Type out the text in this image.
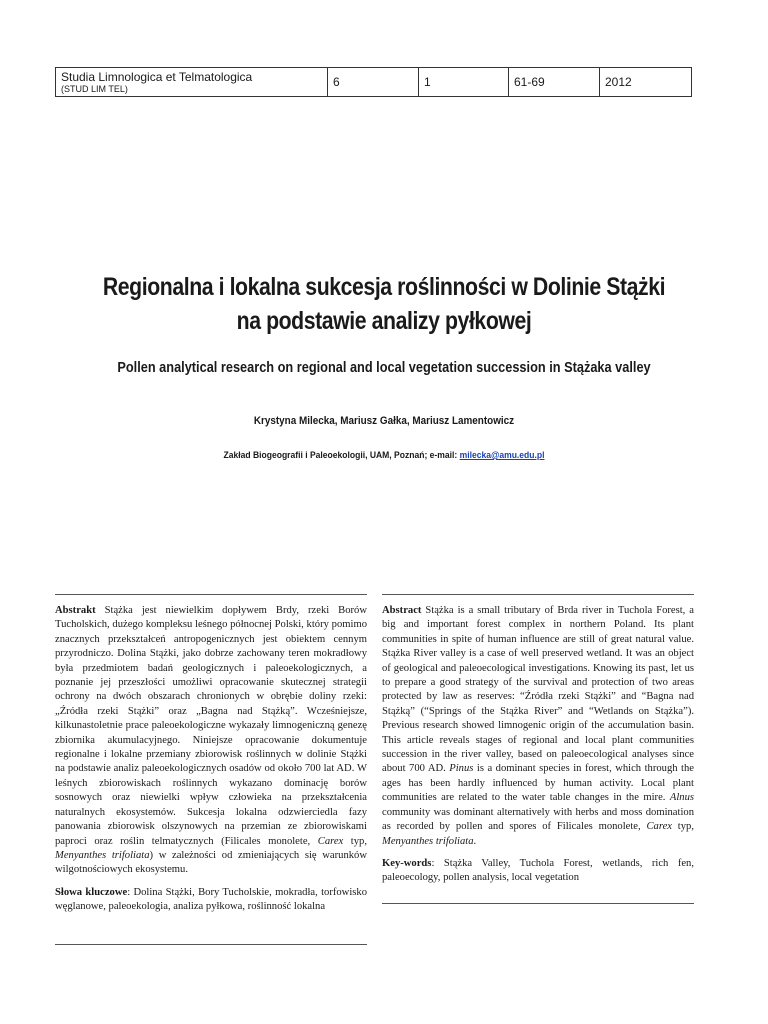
Studia Limnologica et Telmatologica
(STUD LIM TEL)	6	1	61-69	2012
Regionalna i lokalna sukcesja roślinności w Dolinie Stążki
na podstawie analizy pyłkowej
Pollen analytical research on regional and local vegetation succession in Stążaka valley
Krystyna Milecka, Mariusz Gałka, Mariusz Lamentowicz
Zakład Biogeografii i Paleoekologii, UAM, Poznań; e-mail: milecka@amu.edu.pl

Abstrakt Stążka jest niewielkim dopływem Brdy, rzeki Borów Tucholskich, dużego kompleksu leśnego północnej Polski, który pomimo znacznych przekształceń antropogenicznych jest obiektem cennym przyrodniczo. Dolina Stążki, jako dobrze zachowany teren mokradłowy była przedmiotem badań geologicznych i paleoekologicznych, a poznanie jej przeszłości umożliwi opracowanie skutecznej strategii ochrony na dwóch obszarach chronionych w obrębie doliny rzeki: „Źródła rzeki Stążki” oraz „Bagna nad Stążką”. Wcześniejsze, kilkunastoletnie prace paleoekologiczne wykazały limnogeniczną genezę zbiornika akumulacyjnego. Niniejsze opracowanie dokumentuje regionalne i lokalne przemiany zbiorowisk roślinnych w dolinie Stążki na podstawie analiz paleoekologicznych osadów od około 700 lat AD. W leśnych zbiorowiskach roślinnych wykazano dominację borów sosnowych oraz niewielki wpływ człowieka na przekształcenia naturalnych ekosystemów. Sukcesja lokalna odzwierciedla fazy panowania zbiorowisk olszynowych na przemian ze zbiorowiskami paproci oraz roślin telmatycznych (Filicales monolete, Carex typ, Menyanthes trifoliata) w zależności od zmieniających się warunków wilgotnościowych ekosystemu.

Słowa kluczowe: Dolina Stążki, Bory Tucholskie, mokradła, torfowisko węglanowe, paleoekologia, analiza pyłkowa, roślinność lokalna

Abstract Stążka is a small tributary of Brda river in Tuchola Forest, a big and important forest complex in northern Poland. Its plant communities in spite of human influence are still of great natural value. Stążka River valley is a case of well preserved wetland. It was an object of geological and paleoecological investigations. Knowing its past, let us to prepare a good strategy of the survival and protection of two areas protected by law as reserves: “Źródła rzeki Stążki” and “Bagna nad Stążką” (“Springs of the Stążka River” and “Wetlands on Stążka”). Previous research showed limnogenic origin of the accumulation basin. This article reveals stages of regional and local plant communities succession in the river valley, based on paleoecological analyses since about 700 AD. Pinus is a dominant species in forest, which through the ages has been hardly influenced by human activity. Local plant communities are related to the water table changes in the mire. Alnus community was dominant alternatively with herbs and moss domination as recorded by pollen and spores of Filicales monolete, Carex typ, Menyanthes trifoliata.

Key-words: Stążka Valley, Tuchola Forest, wetlands, rich fen, paleoecology, pollen analysis, local vegetation
